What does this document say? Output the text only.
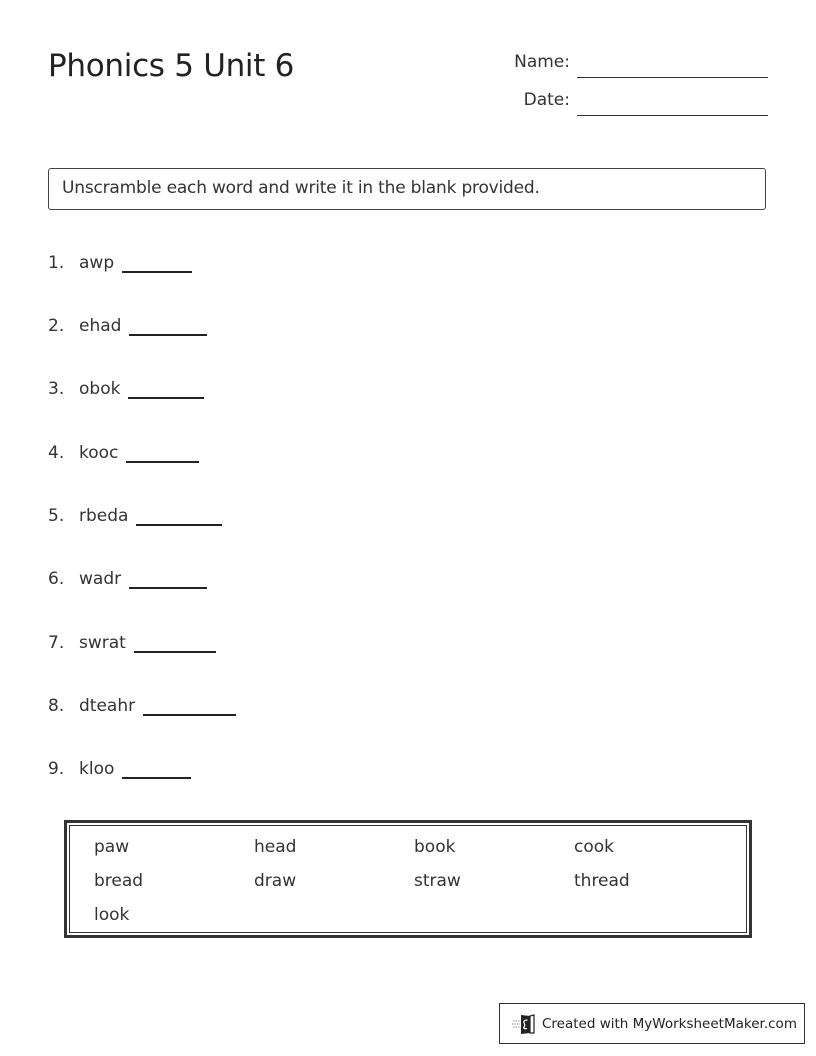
Phonics 5 Unit 6	Name:
Date:
Unscramble each word and write it in the blank provided.
1. awp
2. ehad
3. obok
4. kooc
5. rbeda
6. wadr
7. swrat
8. dteahr
9. kloo
paw	head	book	cook
bread	draw	straw	thread
look
Created with MyWorksheetMaker.com
